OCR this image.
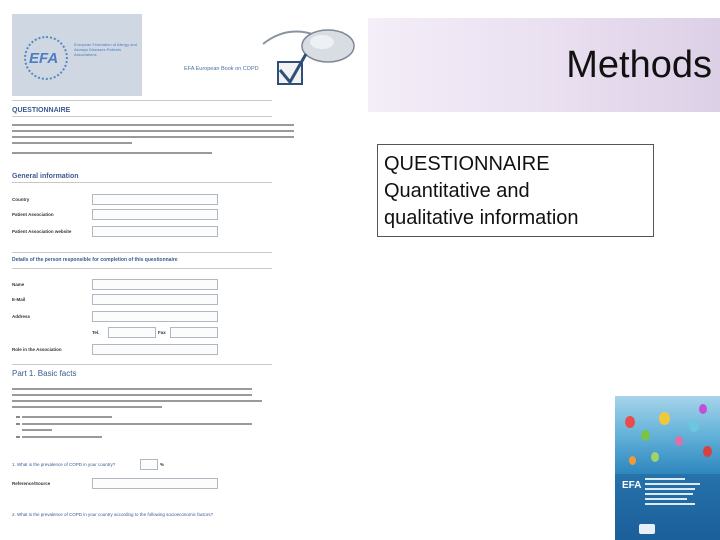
Methods
EFA
European Federation of Allergy and Airways Diseases Patients Associations
EFA European Book on COPD
QUESTIONNAIRE
General information
Country
Patient Association
Patient Association website
Details of the person responsible for completion of this questionnaire
Name
E-Mail
Address
Tel.	Fax
Role in the Association
Part 1. Basic facts
1. What is the prevalence of COPD in your country?	%
Reference/Source
2. What is the prevalence of COPD in your country according to the following socioeconomic factors?
QUESTIONNAIRE
Quantitative and
qualitative information
EFA
